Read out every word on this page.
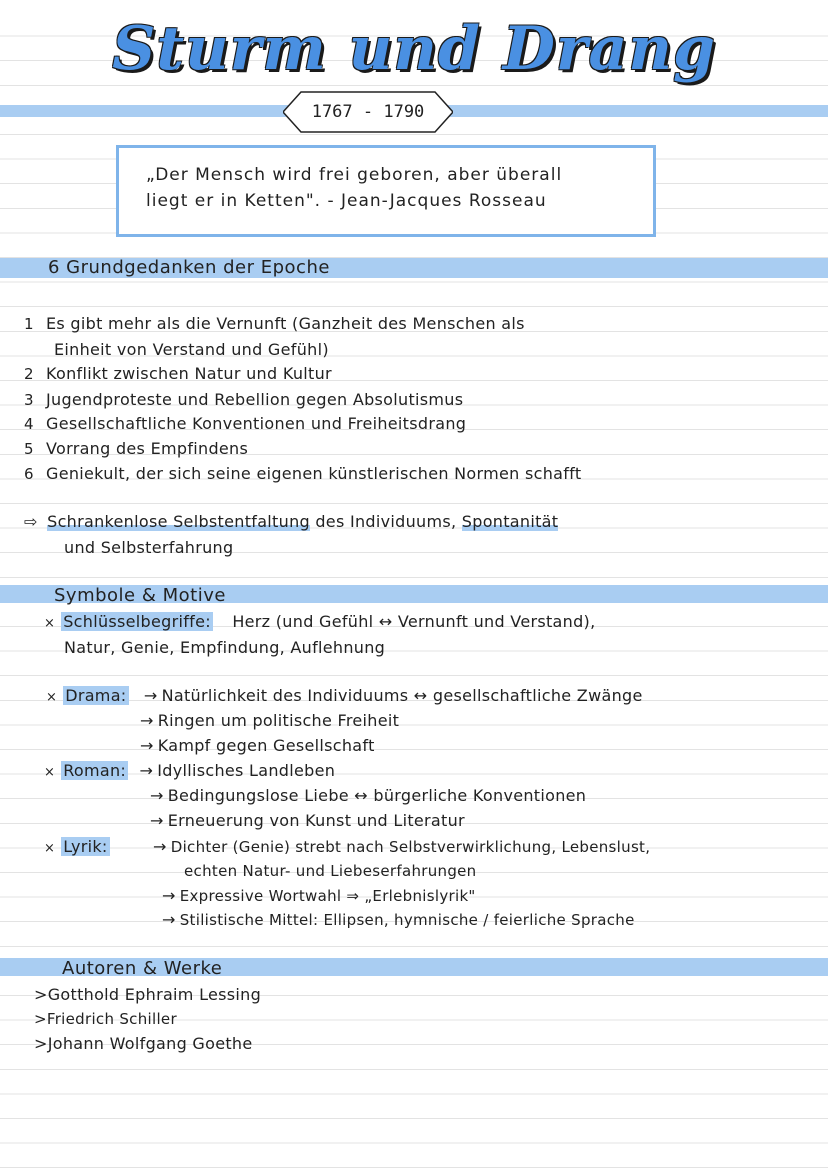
Sturm und Drang
1767 - 1790
„Der Mensch wird frei geboren, aber überall
liegt er in Ketten". - Jean-Jacques Rosseau
6 Grundgedanken der Epoche
1 Es gibt mehr als die Vernunft (Ganzheit des Menschen als
Einheit von Verstand und Gefühl)
2 Konflikt zwischen Natur und Kultur
3 Jugendproteste und Rebellion gegen Absolutismus
4 Gesellschaftliche Konventionen und Freiheitsdrang
5 Vorrang des Empfindens
6 Geniekult, der sich seine eigenen künstlerischen Normen schafft
⇨ Schrankenlose Selbstentfaltung des Individuums, Spontanität
und Selbsterfahrung
Symbole & Motive
× Schlüsselbegriffe: Herz (und Gefühl ↔ Vernunft und Verstand),
Natur, Genie, Empfindung, Auflehnung
× Drama: → Natürlichkeit des Individuums ↔ gesellschaftliche Zwänge
→ Ringen um politische Freiheit
→ Kampf gegen Gesellschaft
× Roman: → Idyllisches Landleben
→ Bedingungslose Liebe ↔ bürgerliche Konventionen
→ Erneuerung von Kunst und Literatur
× Lyrik:	→ Dichter (Genie) strebt nach Selbstverwirklichung, Lebenslust,
echten Natur- und Liebeserfahrungen
→ Expressive Wortwahl ⇒ „Erlebnislyrik"
→ Stilistische Mittel: Ellipsen, hymnische / feierliche Sprache
Autoren & Werke
>Gotthold Ephraim Lessing
>Friedrich Schiller
>Johann Wolfgang Goethe
